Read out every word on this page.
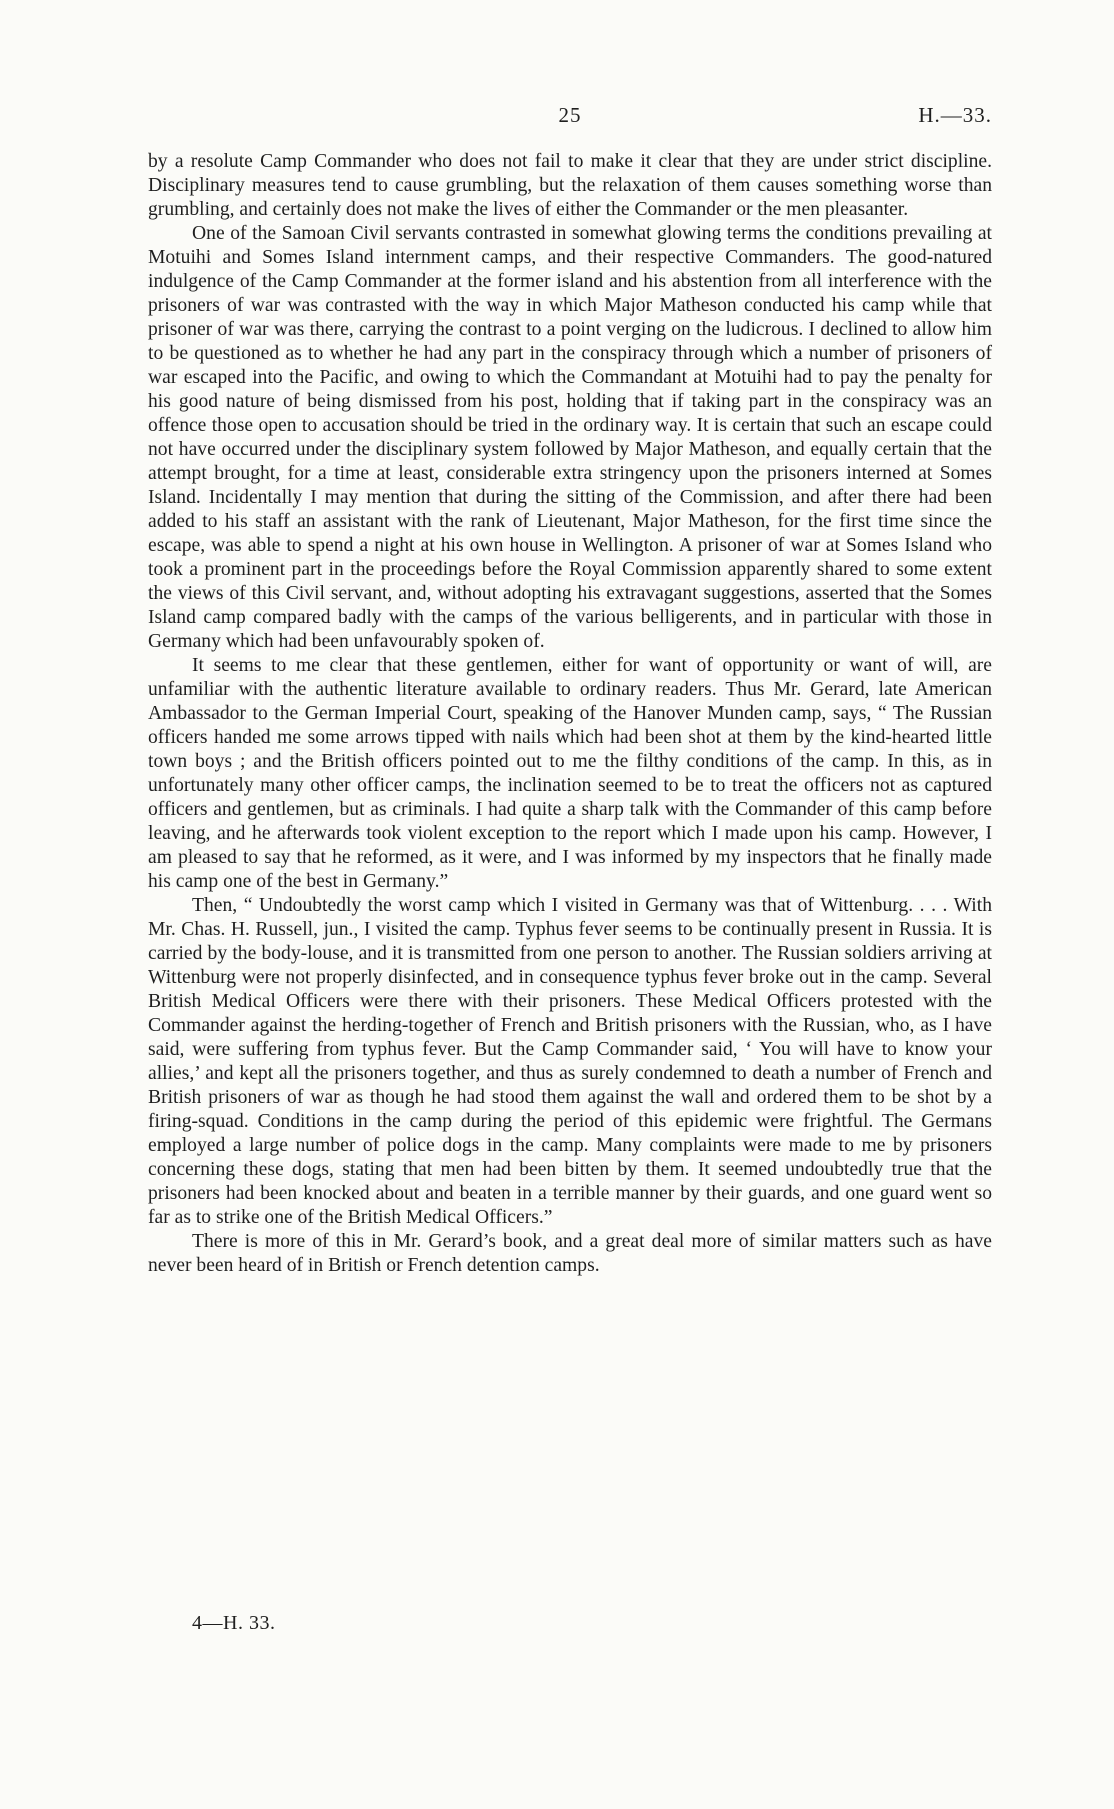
25	H.—33.

by a resolute Camp Commander who does not fail to make it clear that they are under strict discipline. Disciplinary measures tend to cause grumbling, but the relaxation of them causes something worse than grumbling, and certainly does not make the lives of either the Commander or the men pleasanter.

One of the Samoan Civil servants contrasted in somewhat glowing terms the conditions prevailing at Motuihi and Somes Island internment camps, and their respective Commanders. The good-natured indulgence of the Camp Commander at the former island and his abstention from all interference with the prisoners of war was contrasted with the way in which Major Matheson conducted his camp while that prisoner of war was there, carrying the contrast to a point verging on the ludicrous. I declined to allow him to be questioned as to whether he had any part in the conspiracy through which a number of prisoners of war escaped into the Pacific, and owing to which the Commandant at Motuihi had to pay the penalty for his good nature of being dismissed from his post, holding that if taking part in the conspiracy was an offence those open to accusation should be tried in the ordinary way. It is certain that such an escape could not have occurred under the disciplinary system followed by Major Matheson, and equally certain that the attempt brought, for a time at least, considerable extra stringency upon the prisoners interned at Somes Island. Incidentally I may mention that during the sitting of the Commission, and after there had been added to his staff an assistant with the rank of Lieutenant, Major Matheson, for the first time since the escape, was able to spend a night at his own house in Wellington. A prisoner of war at Somes Island who took a prominent part in the proceedings before the Royal Commission apparently shared to some extent the views of this Civil servant, and, without adopting his extravagant suggestions, asserted that the Somes Island camp compared badly with the camps of the various belligerents, and in particular with those in Germany which had been unfavourably spoken of.

It seems to me clear that these gentlemen, either for want of opportunity or want of will, are unfamiliar with the authentic literature available to ordinary readers. Thus Mr. Gerard, late American Ambassador to the German Imperial Court, speaking of the Hanover Munden camp, says, “ The Russian officers handed me some arrows tipped with nails which had been shot at them by the kind-hearted little town boys ; and the British officers pointed out to me the filthy conditions of the camp. In this, as in unfortunately many other officer camps, the inclination seemed to be to treat the officers not as captured officers and gentlemen, but as criminals. I had quite a sharp talk with the Commander of this camp before leaving, and he afterwards took violent exception to the report which I made upon his camp. However, I am pleased to say that he reformed, as it were, and I was informed by my inspectors that he finally made his camp one of the best in Germany.”

Then, “ Undoubtedly the worst camp which I visited in Germany was that of Wittenburg. . . . With Mr. Chas. H. Russell, jun., I visited the camp. Typhus fever seems to be continually present in Russia. It is carried by the body-louse, and it is transmitted from one person to another. The Russian soldiers arriving at Wittenburg were not properly disinfected, and in consequence typhus fever broke out in the camp. Several British Medical Officers were there with their prisoners. These Medical Officers protested with the Commander against the herding-together of French and British prisoners with the Russian, who, as I have said, were suffering from typhus fever. But the Camp Commander said, ‘ You will have to know your allies,’ and kept all the prisoners together, and thus as surely condemned to death a number of French and British prisoners of war as though he had stood them against the wall and ordered them to be shot by a firing-squad. Conditions in the camp during the period of this epidemic were frightful. The Germans employed a large number of police dogs in the camp. Many complaints were made to me by prisoners concerning these dogs, stating that men had been bitten by them. It seemed undoubtedly true that the prisoners had been knocked about and beaten in a terrible manner by their guards, and one guard went so far as to strike one of the British Medical Officers.”

There is more of this in Mr. Gerard’s book, and a great deal more of similar matters such as have never been heard of in British or French detention camps.

4—H. 33.
